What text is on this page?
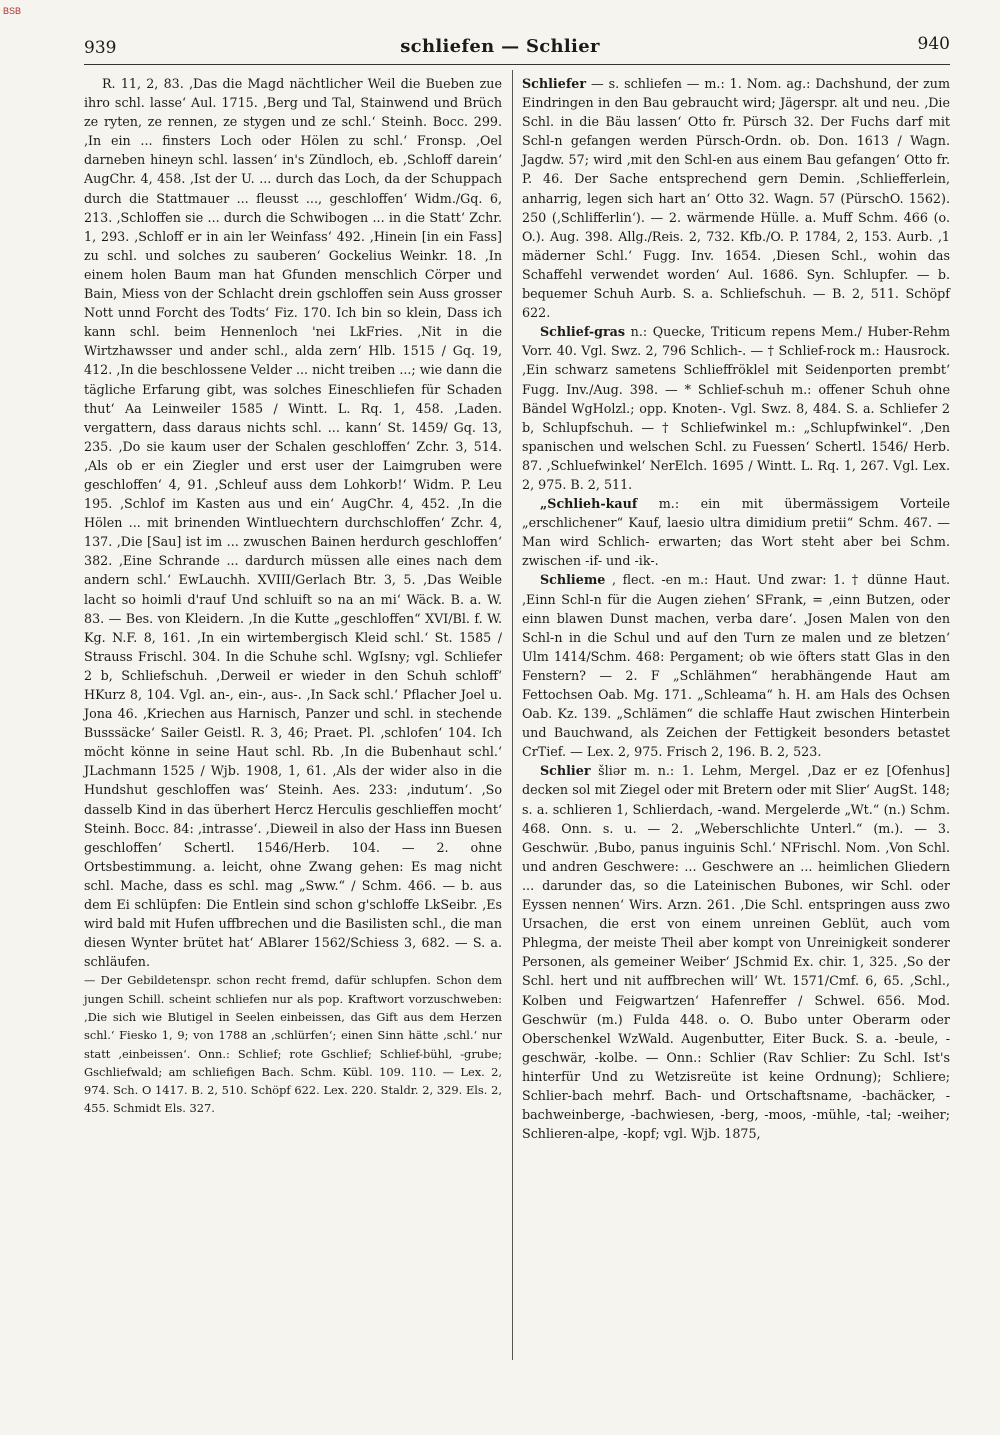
BSB
939	schliefen — Schlier	940

R. 11, 2, 83. ‚Das die Magd nächtlicher Weil die Bueben zue ihro schl. lasse‘ Aul. 1715. ‚Berg und Tal, Stainwend und Brüch ze ryten, ze rennen, ze stygen und ze schl.‘ Steinh. Bocc. 299. ‚In ein ... finsters Loch oder Hölen zu schl.‘ Fronsp. ‚Oel darneben hineyn schl. lassen‘ in's Zündloch, eb. ‚Schloff darein‘ AugChr. 4, 458. ‚Ist der U. ... durch das Loch, da der Schuppach durch die Stattmauer ... fleusst ..., geschloffen‘ Widm./Gq. 6, 213. ‚Schloffen sie ... durch die Schwibogen ... in die Statt‘ Zchr. 1, 293. ‚Schloff er in ain ler Weinfass‘ 492. ‚Hinein [in ein Fass] zu schl. und solches zu sauberen‘ Gockelius Weinkr. 18. ‚In einem holen Baum man hat Gfunden menschlich Cörper und Bain, Miess von der Schlacht drein gschloffen sein Auss grosser Nott unnd Forcht des Todts‘ Fiz. 170. Ich bin so klein, Dass ich kann schl. beim Hennenloch 'nei LkFries. ‚Nit in die Wirtzhawsser und ander schl., alda zern‘ Hlb. 1515 / Gq. 19, 412. ‚In die beschlossene Velder ... nicht treiben ...; wie dann die tägliche Erfarung gibt, was solches Eineschliefen für Schaden thut‘ Aa Leinweiler 1585 / Wintt. L. Rq. 1, 458. ‚Laden. vergattern, dass daraus nichts schl. ... kann‘ St. 1459/ Gq. 13, 235. ‚Do sie kaum user der Schalen geschloffen‘ Zchr. 3, 514. ‚Als ob er ein Ziegler und erst user der Laimgruben were geschloffen‘ 4, 91. ‚Schleuf auss dem Lohkorb!‘ Widm. P. Leu 195. ‚Schlof im Kasten aus und ein‘ AugChr. 4, 452. ‚In die Hölen ... mit brinenden Wintluechtern durchschloffen‘ Zchr. 4, 137. ‚Die [Sau] ist im ... zwuschen Bainen herdurch geschloffen‘ 382. ‚Eine Schrande ... dardurch müssen alle eines nach dem andern schl.‘ EwLauchh. XVIII/Gerlach Btr. 3, 5. ‚Das Weible lacht so hoimli d'rauf Und schluift so na an mi‘ Wäck. B. a. W. 83. — Bes. von Kleidern. ‚In die Kutte „geschloffen“ XVI/Bl. f. W. Kg. N.F. 8, 161. ‚In ein wirtembergisch Kleid schl.‘ St. 1585 / Strauss Frischl. 304. In die Schuhe schl. WgIsny; vgl. Schliefer 2 b, Schliefschuh. ‚Derweil er wieder in den Schuh schloff‘ HKurz 8, 104. Vgl. an-, ein-, aus-. ‚In Sack schl.‘ Pflacher Joel u. Jona 46. ‚Kriechen aus Harnisch, Panzer und schl. in stechende Busssäcke‘ Sailer Geistl. R. 3, 46; Praet. Pl. ‚schlofen‘ 104. Ich möcht könne in seine Haut schl. Rb. ‚In die Bubenhaut schl.‘ JLachmann 1525 / Wjb. 1908, 1, 61. ‚Als der wider also in die Hundshut geschloffen was‘ Steinh. Aes. 233: ‚indutum‘. ‚So dasselb Kind in das überhert Hercz Herculis geschlieffen mocht‘ Steinh. Bocc. 84: ‚intrasse‘. ‚Dieweil in also der Hass inn Buesen geschloffen‘ Schertl. 1546/Herb. 104. — 2. ohne Ortsbestimmung. a. leicht, ohne Zwang gehen: Es mag nicht schl. Mache, dass es schl. mag „Sww.“ / Schm. 466. — b. aus dem Ei schlüpfen: Die Entlein sind schon g'schloffe LkSeibr. ‚Es wird bald mit Hufen uffbrechen und die Basilisten schl., die man diesen Wynter brütet hat‘ ABlarer 1562/Schiess 3, 682. — S. a. schläufen.

— Der Gebildetenspr. schon recht fremd, dafür schlupfen. Schon dem jungen Schill. scheint schliefen nur als pop. Kraftwort vorzuschweben: ‚Die sich wie Blutigel in Seelen einbeissen, das Gift aus dem Herzen schl.‘ Fiesko 1, 9; von 1788 an ‚schlürfen‘; einen Sinn hätte ‚schl.‘ nur statt ‚einbeissen‘. Onn.: Schlief; rote Gschlief; Schlief-bühl, -grube; Gschliefwald; am schliefigen Bach. Schm. Kübl. 109. 110. — Lex. 2, 974. Sch. O 1417. B. 2, 510. Schöpf 622. Lex. 220. Staldr. 2, 329. Els. 2, 455. Schmidt Els. 327.

Schliefer — s. schliefen — m.: 1. Nom. ag.: Dachshund, der zum Eindringen in den Bau gebraucht wird; Jägerspr. alt und neu. ‚Die Schl. in die Bäu lassen‘ Otto fr. Pürsch 32. Der Fuchs darf mit Schl-n gefangen werden Pürsch-Ordn. ob. Don. 1613 / Wagn. Jagdw. 57; wird ‚mit den Schl-en aus einem Bau gefangen‘ Otto fr. P. 46. Der Sache entsprechend gern Demin. ‚Schliefferlein, anharrig, legen sich hart an‘ Otto 32. Wagn. 57 (PürschO. 1562). 250 (‚Schlifferlin‘). — 2. wärmende Hülle. a. Muff Schm. 466 (o. O.). Aug. 398. Allg./Reis. 2, 732. Kfb./O. P. 1784, 2, 153. Aurb. ‚1 mäderner Schl.‘ Fugg. Inv. 1654. ‚Diesen Schl., wohin das Schaffehl verwendet worden‘ Aul. 1686. Syn. Schlupfer. — b. bequemer Schuh Aurb. S. a. Schliefschuh. — B. 2, 511. Schöpf 622.

Schlief-gras n.: Quecke, Triticum repens Mem./ Huber-Rehm Vorr. 40. Vgl. Swz. 2, 796 Schlich-. — † Schlief-rock m.: Hausrock. ‚Ein schwarz sametens Schlieffröklel mit Seidenporten prembt‘ Fugg. Inv./Aug. 398. — * Schlief-schuh m.: offener Schuh ohne Bändel WgHolzl.; opp. Knoten-. Vgl. Swz. 8, 484. S. a. Schliefer 2 b, Schlupfschuh. — † Schliefwinkel m.: „Schlupfwinkel“. ‚Den spanischen und welschen Schl. zu Fuessen‘ Schertl. 1546/ Herb. 87. ‚Schluefwinkel‘ NerElch. 1695 / Wintt. L. Rq. 1, 267. Vgl. Lex. 2, 975. B. 2, 511.

„Schlieh-kauf m.: ein mit übermässigem Vorteile „erschlichener“ Kauf, laesio ultra dimidium pretii“ Schm. 467. — Man wird Schlich- erwarten; das Wort steht aber bei Schm. zwischen -if- und -ik-.

Schlieme , flect. -en m.: Haut. Und zwar: 1. † dünne Haut. ‚Einn Schl-n für die Augen ziehen‘ SFrank, = ‚einn Butzen, oder einn blawen Dunst machen, verba dare‘. ‚Josen Malen von den Schl-n in die Schul und auf den Turn ze malen und ze bletzen‘ Ulm 1414/Schm. 468: Pergament; ob wie öfters statt Glas in den Fenstern? — 2. F „Schlähmen“ herabhängende Haut am Fettochsen Oab. Mg. 171. „Schleama“ h. H. am Hals des Ochsen Oab. Kz. 139. „Schlämen“ die schlaffe Haut zwischen Hinterbein und Bauchwand, als Zeichen der Fettigkeit besonders betastet CrTief. — Lex. 2, 975. Frisch 2, 196. B. 2, 523.

Schlier šliər m. n.: 1. Lehm, Mergel. ‚Daz er ez [Ofenhus] decken sol mit Ziegel oder mit Bretern oder mit Slier‘ AugSt. 148; s. a. schlieren 1, Schlierdach, -wand. Mergelerde „Wt.“ (n.) Schm. 468. Onn. s. u. — 2. „Weberschlichte Unterl.“ (m.). — 3. Geschwür. ‚Bubo, panus inguinis Schl.‘ NFrischl. Nom. ‚Von Schl. und andren Geschwere: ... Geschwere an ... heimlichen Gliedern ... darunder das, so die Lateinischen Bubones, wir Schl. oder Eyssen nennen‘ Wirs. Arzn. 261. ‚Die Schl. entspringen auss zwo Ursachen, die erst von einem unreinen Geblüt, auch vom Phlegma, der meiste Theil aber kompt von Unreinigkeit sonderer Personen, als gemeiner Weiber‘ JSchmid Ex. chir. 1, 325. ‚So der Schl. hert und nit auffbrechen will‘ Wt. 1571/Cmf. 6, 65. ‚Schl., Kolben und Feigwartzen‘ Hafenreffer / Schwel. 656. Mod. Geschwür (m.) Fulda 448. o. O. Bubo unter Oberarm oder Oberschenkel WzWald. Augenbutter, Eiter Buck. S. a. -beule, -geschwär, -kolbe. — Onn.: Schlier (Rav Schlier: Zu Schl. Ist's hinterfür Und zu Wetzisreüte ist keine Ordnung); Schliere; Schlier-bach mehrf. Bach- und Ortschaftsname, -bachäcker, -bachweinberge, -bachwiesen, -berg, -moos, -mühle, -tal; -weiher; Schlieren-alpe, -kopf; vgl. Wjb. 1875,
